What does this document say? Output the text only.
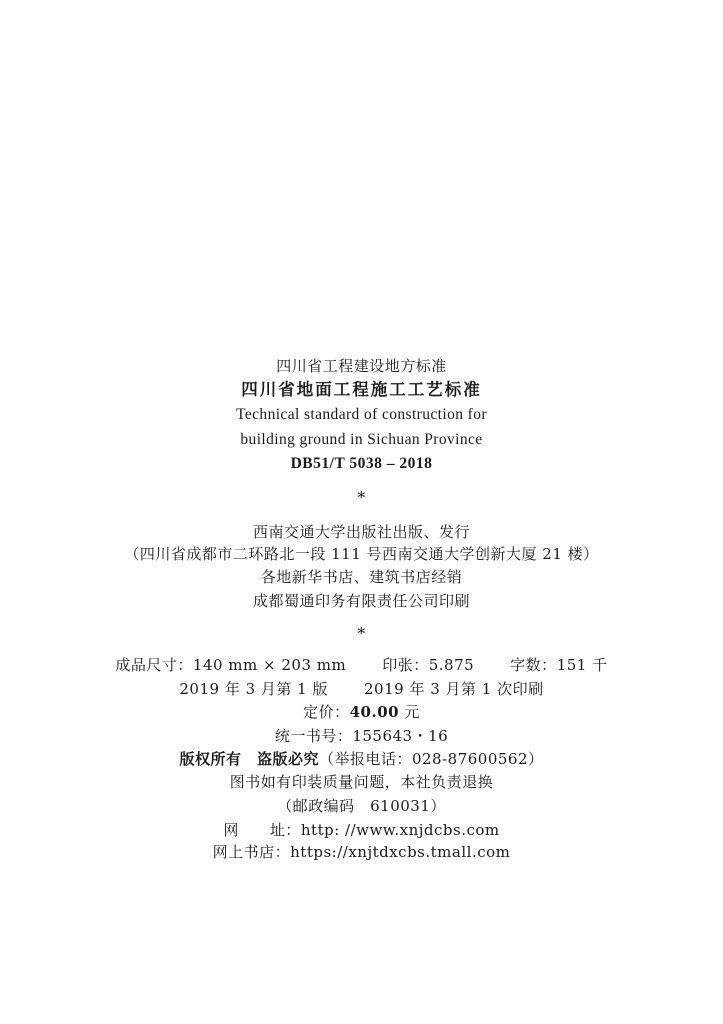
四川省工程建设地方标准
四川省地面工程施工工艺标准
Technical standard of construction for
building ground in Sichuan Province
DB51/T 5038 – 2018
*
西南交通大学出版社出版、发行
（四川省成都市二环路北一段 111 号西南交通大学创新大厦 21 楼）
各地新华书店、建筑书店经销
成都蜀通印务有限责任公司印刷
*
成品尺寸：140 mm × 203 mm 印张：5.875 字数：151 千
2019 年 3 月第 1 版 2019 年 3 月第 1 次印刷
定价：40.00 元
统一书号：155643・16
版权所有　盗版必究（举报电话：028-87600562）
图书如有印装质量问题，本社负责退换
（邮政编码　610031）
网　　址：http: //www.xnjdcbs.com
网上书店：https://xnjtdxcbs.tmall.com
